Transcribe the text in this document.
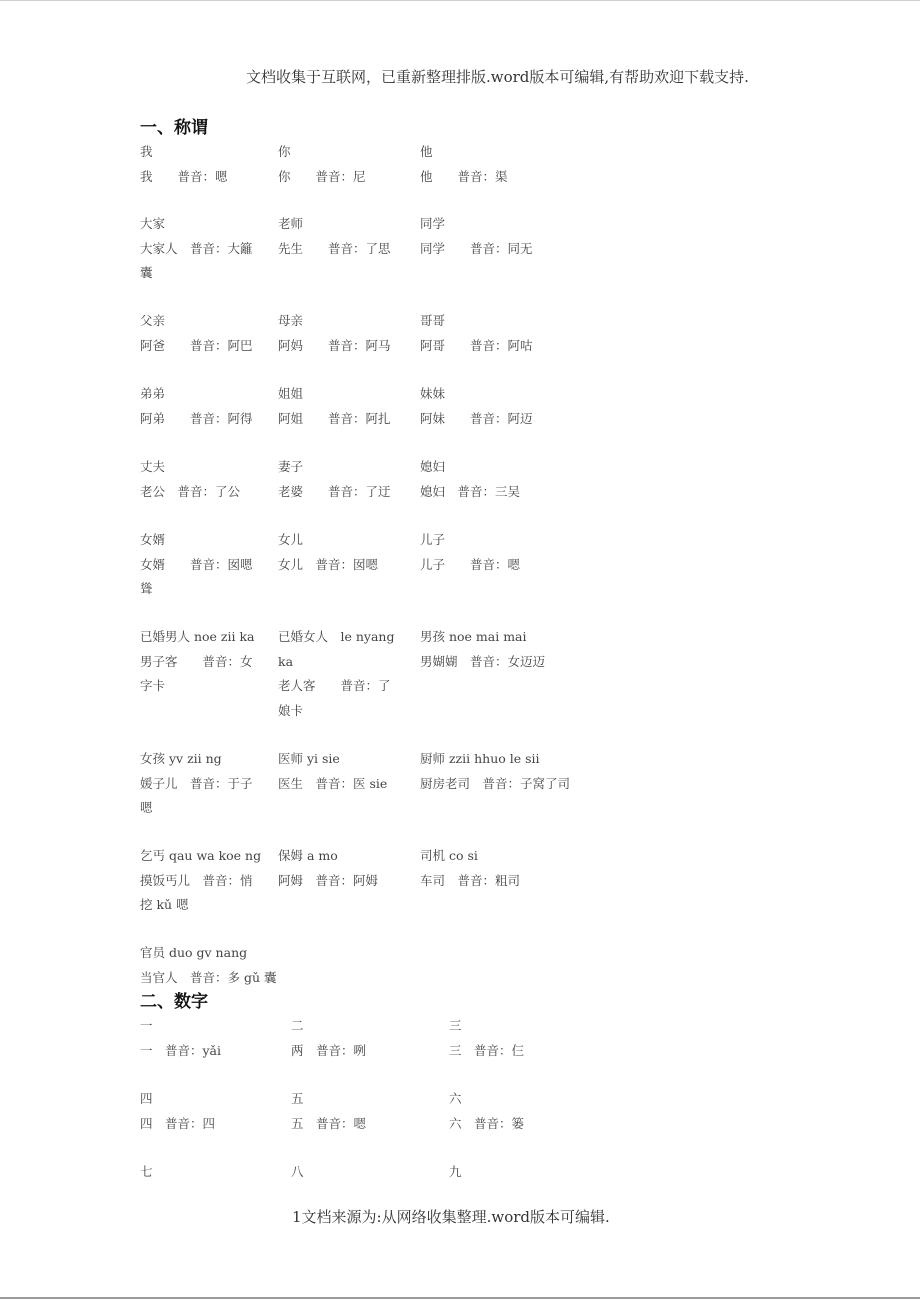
文档收集于互联网，已重新整理排版.word版本可编辑,有帮助欢迎下载支持.
一、称谓
我
我　　普音：嗯
你
你　　普音：尼
他
他　　普音：渠
大家
大家人　普音：大籬
囊
老师
先生　　普音：了思
同学
同学　　普音：同无
父亲
阿爸　　普音：阿巴
母亲
阿妈　　普音：阿马
哥哥
阿哥　　普音：阿咕
弟弟
阿弟　　普音：阿得
姐姐
阿姐　　普音：阿扎
妹妹
阿妹　　普音：阿迈
丈夫
老公　普音：了公
妻子
老婆　　普音：了迂
媳妇
媳妇　普音：三吴
女婿
女婿　　普音：囡嗯
聳
女儿
女儿　普音：囡嗯
儿子
儿子　　普音：嗯
已婚男人 noe zii ka
男子客　　普音：女
字卡
已婚女人　le nyang
ka
老人客　　普音：了
娘卡
男孩 noe mai mai
男媩媩　普音：女迈迈
女孩 yv zii ng
媛子儿　普音：于子
嗯
医师 yi sie
医生　普音：医 sie
厨师 zzii hhuo le sii
厨房老司　普音：子窝了司
乞丐 qau wa koe ng
摸饭丐儿　普音：悄
挖 kǔ 嗯
保姆 a mo
阿姆　普音：阿姆
司机 co si
车司　普音：粗司
官员 duo gv nang
当官人　普音：多 gǔ 囊
二、数字
一
一　普音：yǎi
二
两　普音：咧
三
三　普音：仨
四
四　普音：四
五
五　普音：嗯
六
六　普音：篓
七	八	九
1文档来源为:从网络收集整理.word版本可编辑.
